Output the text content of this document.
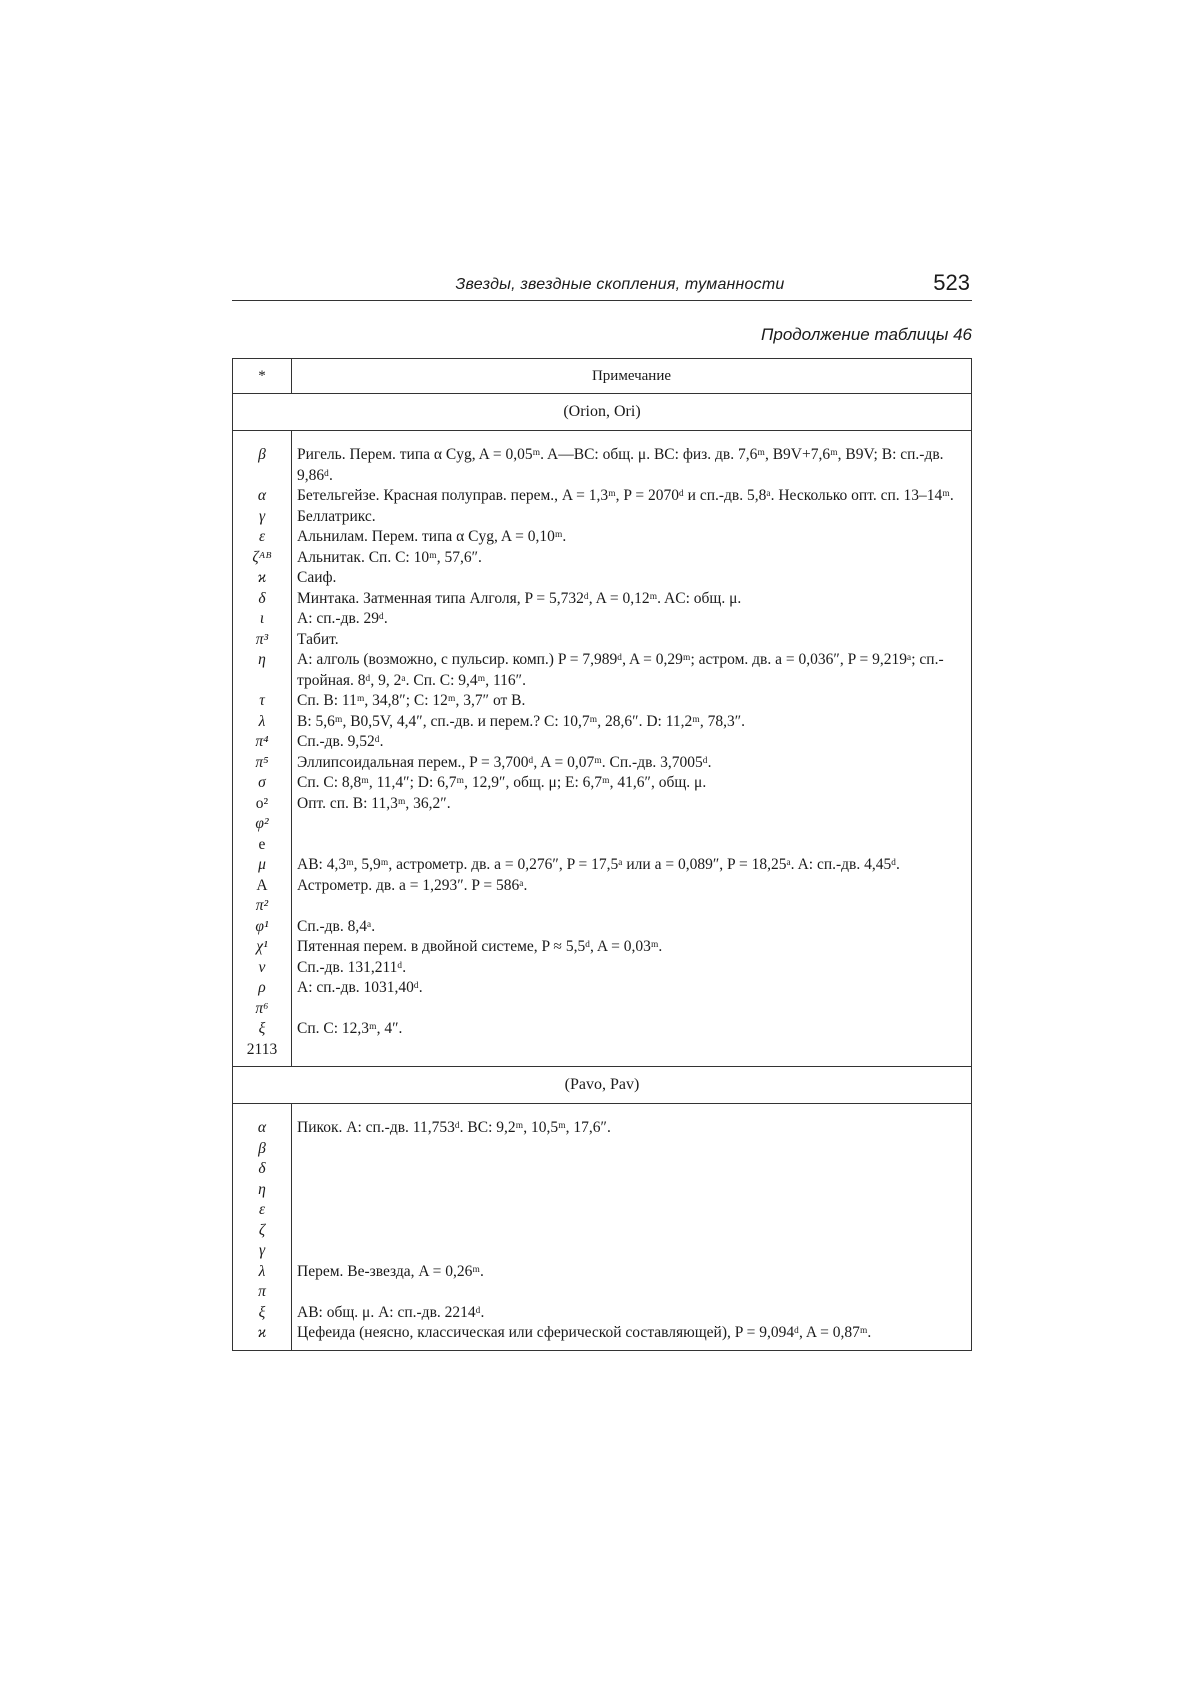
Звезды, звездные скопления, туманности	523
Продолжение таблицы 46
*	Примечание
(Orion, Ori)	
β	Ригель. Перем. типа α Cyg, A = 0,05ᵐ. A—BC: общ. μ. BC: физ. дв. 7,6ᵐ, B9V+7,6ᵐ, B9V; B: сп.-дв. 9,86ᵈ.
α	Бетельгейзе. Красная полуправ. перем., A = 1,3ᵐ, P = 2070ᵈ и сп.-дв. 5,8ᵃ. Несколько опт. сп. 13–14ᵐ.
γ	Беллатрикс.
ε	Альнилам. Перем. типа α Cyg, A = 0,10ᵐ.
ζᴬᴮ	Альнитак. Сп. C: 10ᵐ, 57,6″.
ϰ	Саиф.
δ	Минтака. Затменная типа Алголя, P = 5,732ᵈ, A = 0,12ᵐ. AC: общ. μ.
ι	A: сп.-дв. 29ᵈ.
π³	Табит.
η	A: алголь (возможно, с пульсир. комп.) P = 7,989ᵈ, A = 0,29ᵐ; астром. дв. a = 0,036″, P = 9,219ᵃ; сп.-тройная. 8ᵈ, 9, 2ᵃ. Сп. C: 9,4ᵐ, 116″.
τ	Сп. B: 11ᵐ, 34,8″; C: 12ᵐ, 3,7″ от B.
λ	B: 5,6ᵐ, B0,5V, 4,4″, сп.-дв. и перем.? C: 10,7ᵐ, 28,6″. D: 11,2ᵐ, 78,3″.
π⁴	Сп.-дв. 9,52ᵈ.
π⁵	Эллипсоидальная перем., P = 3,700ᵈ, A = 0,07ᵐ. Сп.-дв. 3,7005ᵈ.
σ	Сп. C: 8,8ᵐ, 11,4″; D: 6,7ᵐ, 12,9″, общ. μ; E: 6,7ᵐ, 41,6″, общ. μ.
o²	Опт. сп. B: 11,3ᵐ, 36,2″.
φ²	
e	
μ	AB: 4,3ᵐ, 5,9ᵐ, астрометр. дв. a = 0,276″, P = 17,5ᵃ или a = 0,089″, P = 18,25ᵃ. A: сп.-дв. 4,45ᵈ.
A	Астрометр. дв. a = 1,293″. P = 586ᵃ.
π²	
φ¹	Сп.-дв. 8,4ᵃ.
χ¹	Пятенная перем. в двойной системе, P ≈ 5,5ᵈ, A = 0,03ᵐ.
ν	Сп.-дв. 131,211ᵈ.
ρ	A: сп.-дв. 1031,40ᵈ.
π⁶	
ξ	Сп. C: 12,3ᵐ, 4″.
2113	
(Pavo, Pav)	
α	Пикок. A: сп.-дв. 11,753ᵈ. BC: 9,2ᵐ, 10,5ᵐ, 17,6″.
β	
δ	
η	
ε	
ζ	
γ	
λ	Перем. Be-звезда, A = 0,26ᵐ.
π	
ξ	AB: общ. μ. A: сп.-дв. 2214ᵈ.
ϰ	Цефеида (неясно, классическая или сферической составляющей), P = 9,094ᵈ, A = 0,87ᵐ.
